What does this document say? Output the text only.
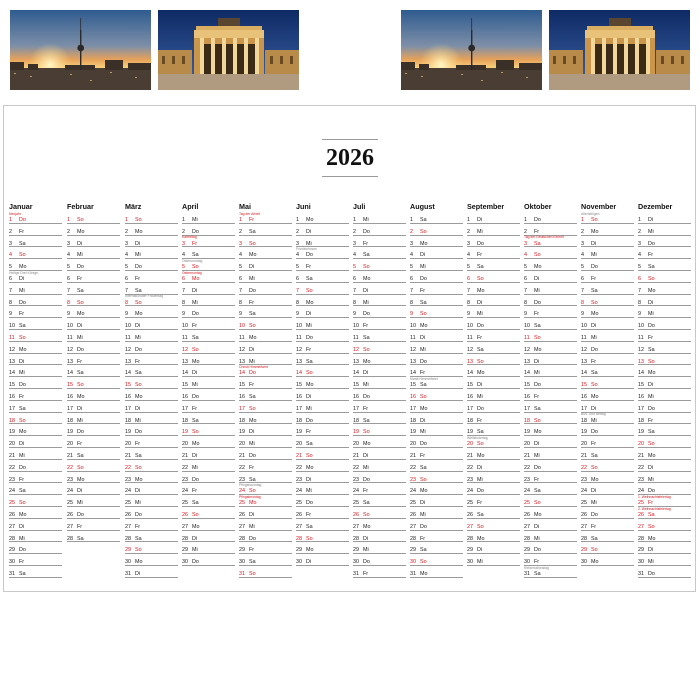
2026
Januar
1	Do
Neujahr
2	Fr
3	Sa
4	So
5	Mo
6	Di
Heilige Drei Könige
7	Mi
8	Do
9	Fr
10 Sa
11 So
12 Mo
13 Di
14 Mi
15 Do
16 Fr
17 Sa
18 So
19 Mo
20 Di
21 Mi
22 Do
23 Fr
24 Sa
25 So
26 Mo
27 Di
28 Mi
29 Do
30 Fr
31 Sa
Februar
1	So
2	Mo
3	Di
4	Mi
5	Do
6	Fr
7	Sa
8	So
9	Mo
10 Di
11 Mi
12 Do
13 Fr
14 Sa
15 So
16 Mo
17 Di
18 Mi
19 Do
20 Fr
21 Sa
22 So
23 Mo
24 Di
25 Mi
26 Do
27 Fr
28 Sa
März
1	So
2	Mo
3	Di
4	Mi
5	Do
6	Fr
7	Sa
8	So
Internationaler Frauentag
9	Mo
10 Di
11 Mi
12 Do
13 Fr
14 Sa
15 So
16 Mo
17 Di
18 Mi
19 Do
20 Fr
21 Sa
22 So
23 Mo
24 Di
25 Mi
26 Do
27 Fr
28 Sa
29 So
30 Mo
31 Di
April
1	Mi
2	Do
3	Fr
Karfreitag
4	Sa
5	So
Ostersonntag
6	Mo
Ostermontag
7	Di
8	Mi
9	Do
10 Fr
11 Sa
12 So
13 Mo
14 Di
15 Mi
16 Do
17 Fr
18 Sa
19 So
20 Mo
21 Di
22 Mi
23 Do
24 Fr
25 Sa
26 So
27 Mo
28 Di
29 Mi
30 Do
Mai
1	Fr
Tag der Arbeit
2	Sa
3	So
4	Mo
5	Di
6	Mi
7	Do
8	Fr
9	Sa
10 So
11 Mo
12 Di
13 Mi
14 Do
Christi Himmelfahrt
15 Fr
16 Sa
17 So
18 Mo
19 Di
20 Mi
21 Do
22 Fr
23 Sa
24 So
Pfingstsonntag
25 Mo
Pfingstmontag
26 Di
27 Mi
28 Do
29 Fr
30 Sa
31 So
Juni
1	Mo
2	Di
3	Mi
4	Do
Fronleichnam
5	Fr
6	Sa
7	So
8	Mo
9	Di
10 Mi
11 Do
12 Fr
13 Sa
14 So
15 Mo
16 Di
17 Mi
18 Do
19 Fr
20 Sa
21 So
22 Mo
23 Di
24 Mi
25 Do
26 Fr
27 Sa
28 So
29 Mo
30 Di
Juli
1	Mi
2	Do
3	Fr
4	Sa
5	So
6	Mo
7	Di
8	Mi
9	Do
10 Fr
11 Sa
12 So
13 Mo
14 Di
15 Mi
16 Do
17 Fr
18 Sa
19 So
20 Mo
21 Di
22 Mi
23 Do
24 Fr
25 Sa
26 So
27 Mo
28 Di
29 Mi
30 Do
31 Fr
August
1	Sa
2	So
3	Mo
4	Di
5	Mi
6	Do
7	Fr
8	Sa
9	So
10 Mo
11 Di
12 Mi
13 Do
14 Fr
15 Sa
Mariä Himmelfahrt
16 So
17 Mo
18 Di
19 Mi
20 Do
21 Fr
22 Sa
23 So
24 Mo
25 Di
26 Mi
27 Do
28 Fr
29 Sa
30 So
31 Mo
September
1	Di
2	Mi
3	Do
4	Fr
5	Sa
6	So
7	Mo
8	Di
9	Mi
10 Do
11 Fr
12 Sa
13 So
14 Mo
15 Di
16 Mi
17 Do
18 Fr
19 Sa
20 So
Weltkindertag
21 Mo
22 Di
23 Mi
24 Do
25 Fr
26 Sa
27 So
28 Mo
29 Di
30 Mi
Oktober
1	Do
2	Fr
3	Sa
Tag der Deutschen Einheit
4	So
5	Mo
6	Di
7	Mi
8	Do
9	Fr
10 Sa
11 So
12 Mo
13 Di
14 Mi
15 Do
16 Fr
17 Sa
18 So
19 Mo
20 Di
21 Mi
22 Do
23 Fr
24 Sa
25 So
26 Mo
27 Di
28 Mi
29 Do
30 Fr
31 Sa
Reformationstag
November
1	So
Allerheiligen
2	Mo
3	Di
4	Mi
5	Do
6	Fr
7	Sa
8	So
9	Mo
10 Di
11 Mi
12 Do
13 Fr
14 Sa
15 So
16 Mo
17 Di
18 Mi
Buß- und Bettag
19 Do
20 Fr
21 Sa
22 So
23 Mo
24 Di
25 Mi
26 Do
27 Fr
28 Sa
29 So
30 Mo
Dezember
1	Di
2	Mi
3	Do
4	Fr
5	Sa
6	So
7	Mo
8	Di
9	Mi
10 Do
11 Fr
12 Sa
13 So
14 Mo
15 Di
16 Mi
17 Do
18 Fr
19 Sa
20 So
21 Mo
22 Di
23 Mi
24 Do
25 Fr
1. Weihnachtsfeiertag
26 Sa
2. Weihnachtsfeiertag
27 So
28 Mo
29 Di
30 Mi
31 Do
